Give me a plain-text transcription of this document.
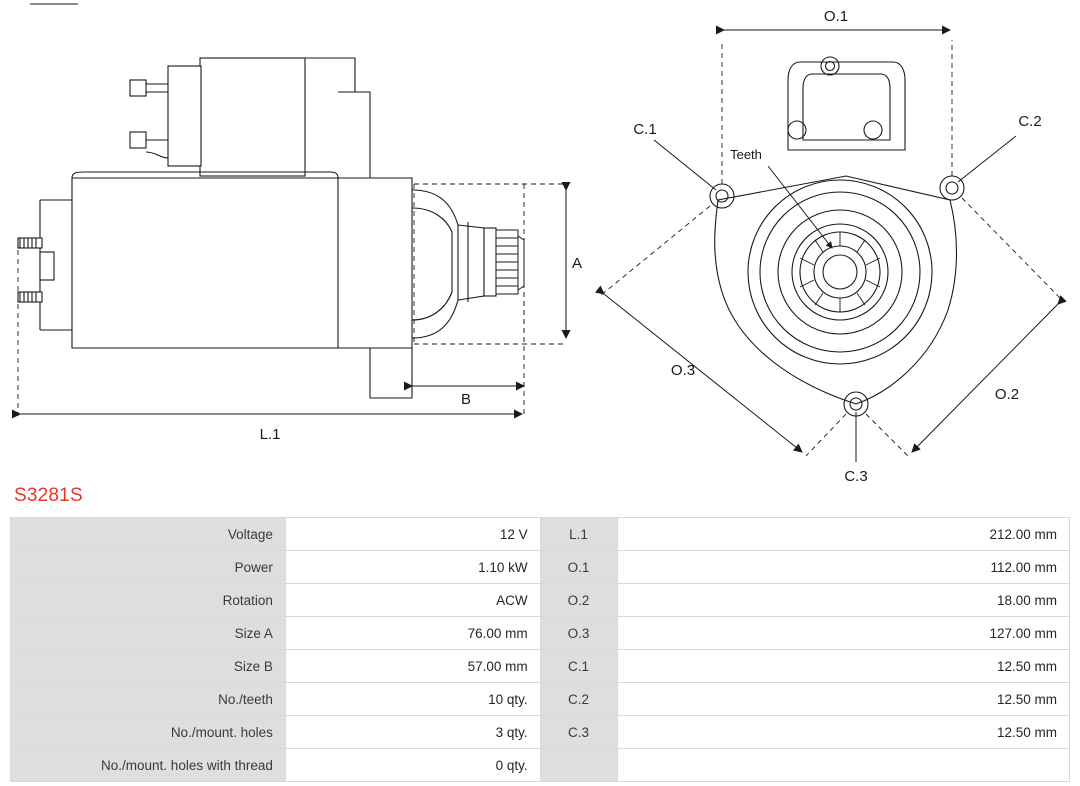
A
B
L.1
O.1
O.2
O.3
C.1	C.2
C.3
Teeth
S3281S
Voltage	12 V	L.1	212.00 mm
Power	1.10 kW	O.1	112.00 mm
Rotation	ACW	O.2	18.00 mm
Size A	76.00 mm	O.3	127.00 mm
Size B	57.00 mm	C.1	12.50 mm
No./teeth	10 qty.	C.2	12.50 mm
No./mount. holes	3 qty.	C.3	12.50 mm
No./mount. holes with thread	0 qty.		
